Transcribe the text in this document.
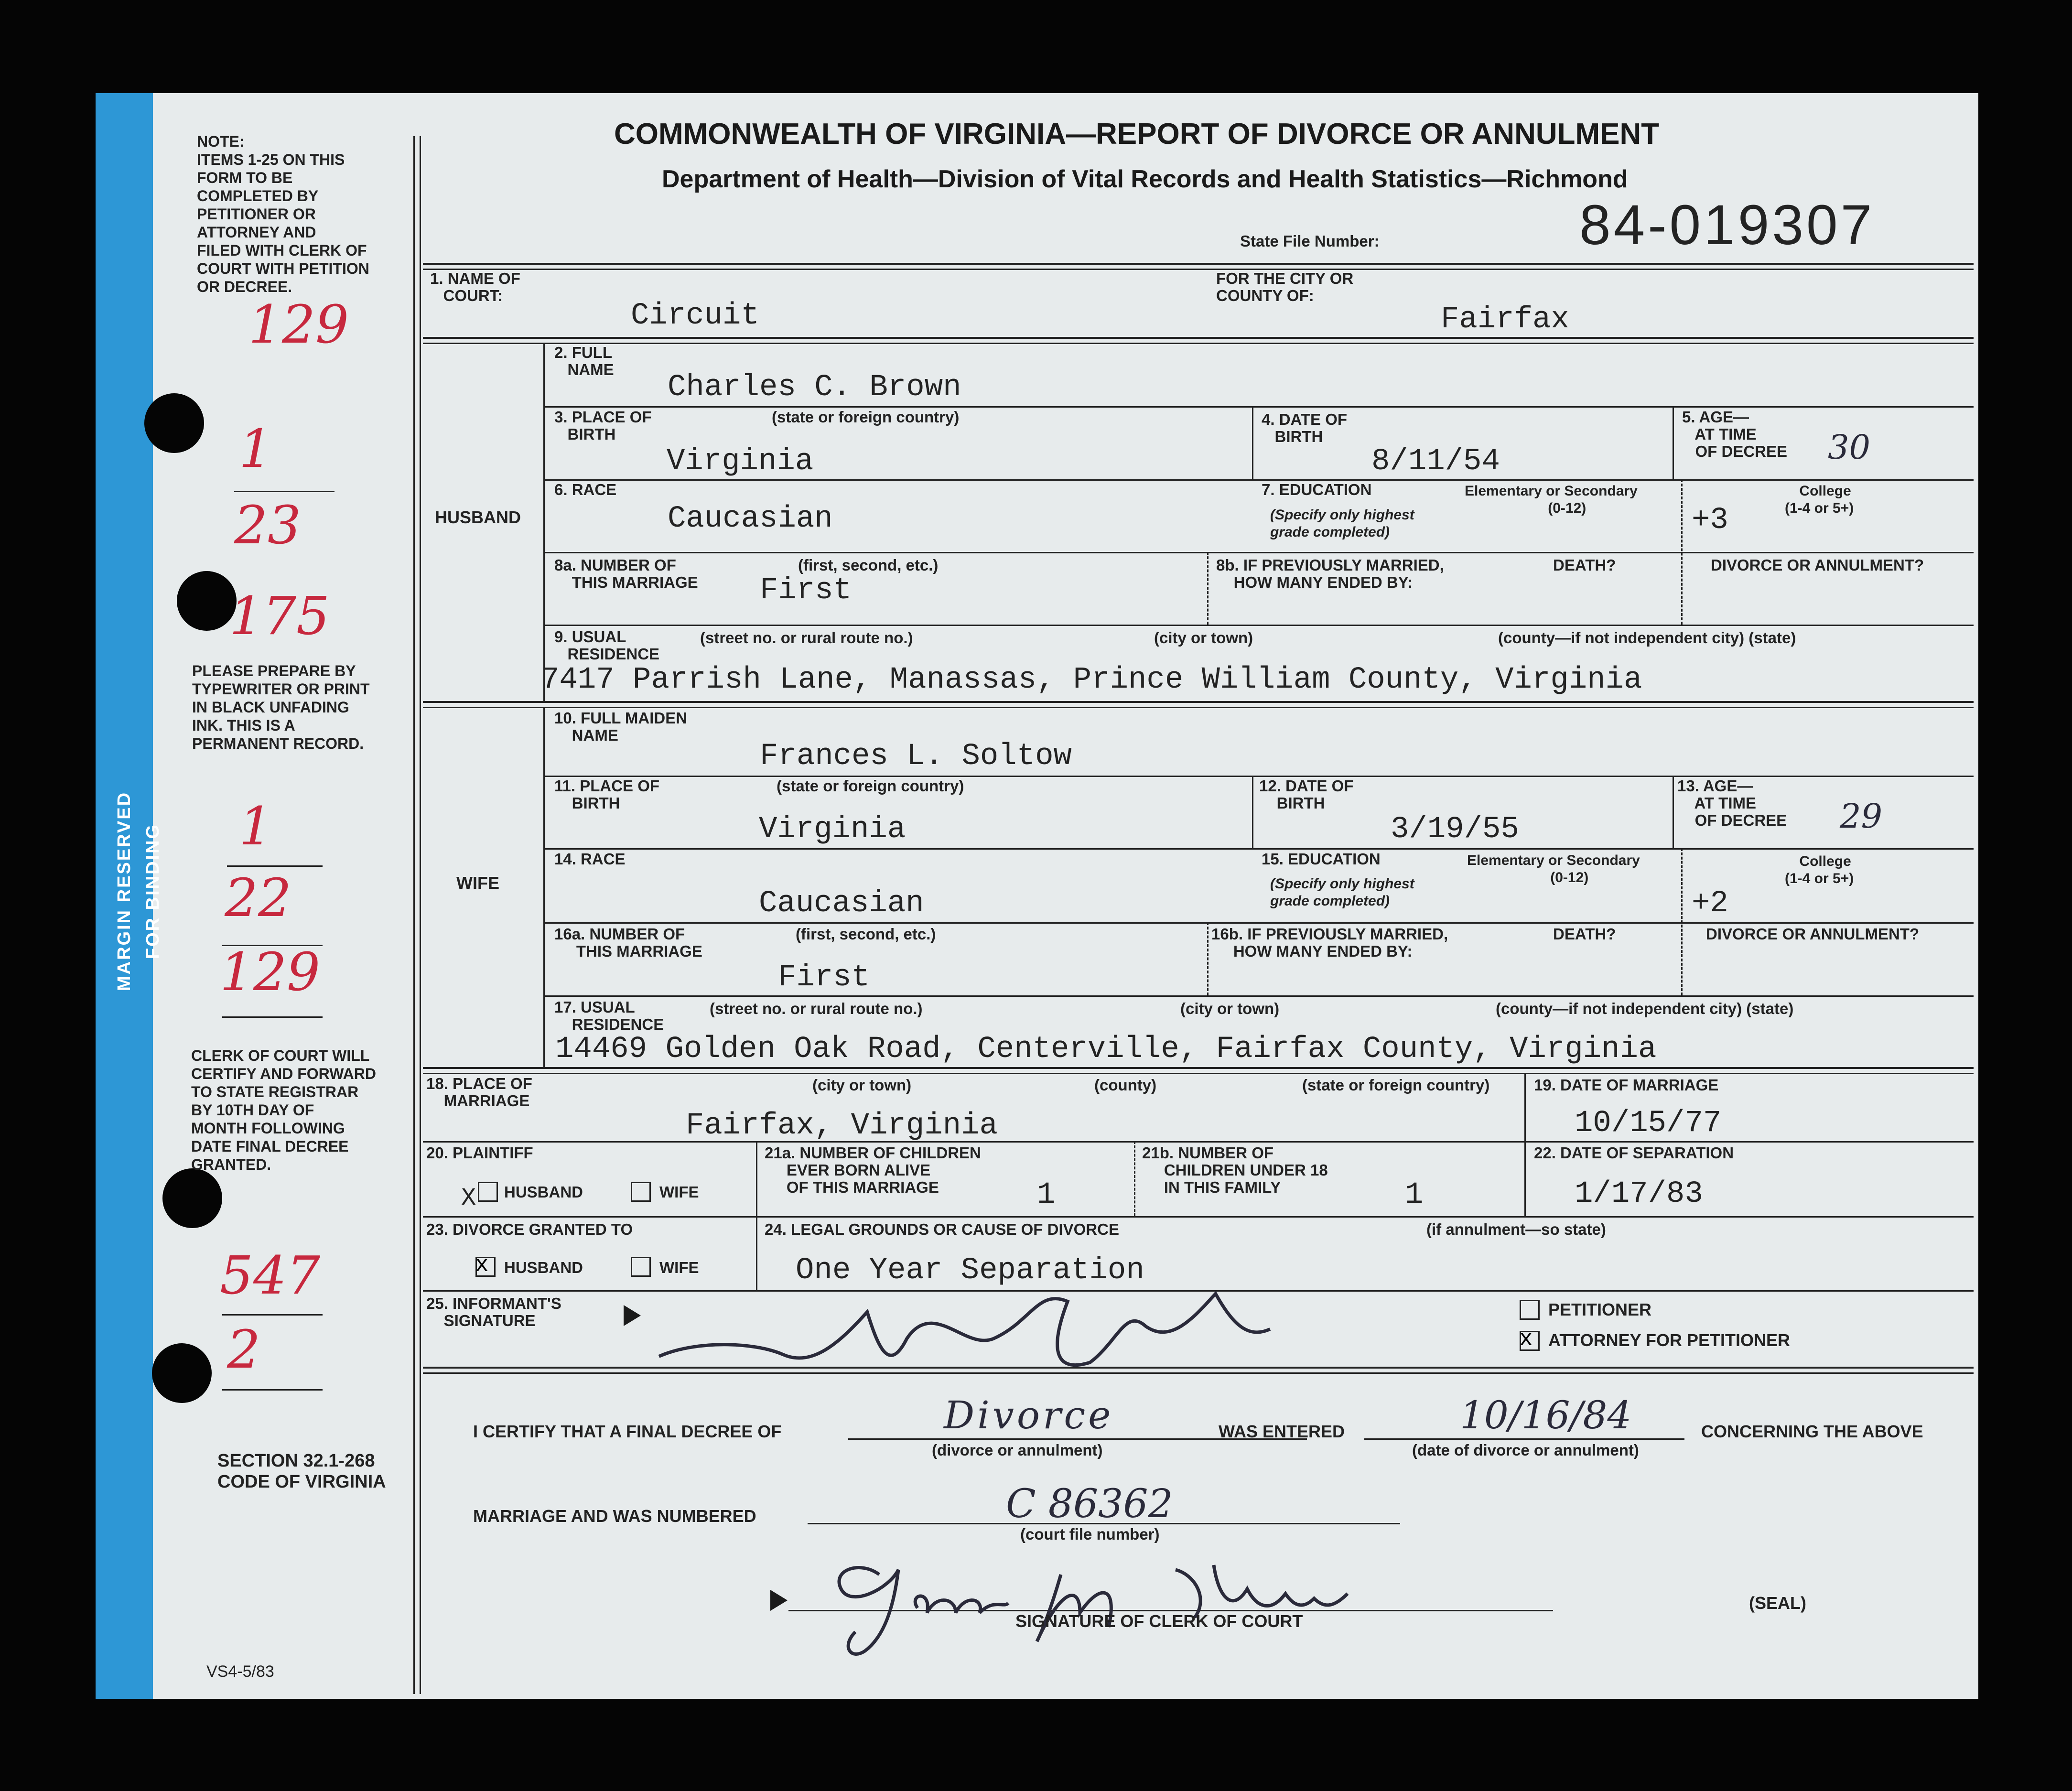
MARGIN RESERVED FOR BINDING
COMMONWEALTH OF VIRGINIA—REPORT OF DIVORCE OR ANNULMENT
Department of Health—Division of Vital Records and Health Statistics—Richmond
State File Number:	84-019307
NOTE:
ITEMS 1-25 ON THIS
FORM TO BE
COMPLETED BY
PETITIONER OR
ATTORNEY AND
FILED WITH CLERK OF
COURT WITH PETITION
OR DECREE.
129
1
23
175
PLEASE PREPARE BY
TYPEWRITER OR PRINT
IN BLACK UNFADING
INK. THIS IS A
PERMANENT RECORD.
1
22
129
CLERK OF COURT WILL
CERTIFY AND FORWARD
TO STATE REGISTRAR
BY 10TH DAY OF
MONTH FOLLOWING
DATE FINAL DECREE
GRANTED.
547
2
SECTION 32.1-268
CODE OF VIRGINIA
VS4-5/83
1. NAME OF
COURT:
FOR THE CITY OR
COUNTY OF:
Circuit	Fairfax
HUSBAND
2. FULL
NAME
Charles C. Brown
3. PLACE OF
BIRTH
(state or foreign country)
Virginia
4. DATE OF
BIRTH
8/11/54
5. AGE—
AT TIME
OF DECREE 30
6. RACE
Caucasian
7. EDUCATION
(Specify only highest
grade completed)
Elementary or Secondary
(0-12)
College
(1-4 or 5+)
+3
8a. NUMBER OF
THIS MARRIAGE
(first, second, etc.)
First
8b. IF PREVIOUSLY MARRIED,
HOW MANY ENDED BY:
DEATH?	DIVORCE OR ANNULMENT?
9. USUAL
RESIDENCE
(street no. or rural route no.)	(city or town)	(county—if not independent city) (state)
7417 Parrish Lane, Manassas, Prince William County, Virginia
WIFE
10. FULL MAIDEN
NAME
Frances L. Soltow
11. PLACE OF
BIRTH
(state or foreign country)
Virginia
12. DATE OF
BIRTH
3/19/55
13. AGE—
AT TIME
OF DECREE 29
14. RACE
Caucasian
15. EDUCATION
(Specify only highest
grade completed)
Elementary or Secondary
(0-12)
College
(1-4 or 5+)
+2
16a. NUMBER OF
THIS MARRIAGE
(first, second, etc.)
First
16b. IF PREVIOUSLY MARRIED,
HOW MANY ENDED BY:
DEATH?	DIVORCE OR ANNULMENT?
17. USUAL
RESIDENCE
(street no. or rural route no.)	(city or town)	(county—if not independent city) (state)
14469 Golden Oak Road, Centerville, Fairfax County, Virginia
18. PLACE OF
MARRIAGE
(city or town)	(county)	(state or foreign country)
Fairfax, Virginia
19. DATE OF MARRIAGE
10/15/77
20. PLAINTIFF
X HUSBAND	WIFE
21a. NUMBER OF CHILDREN
EVER BORN ALIVE
OF THIS MARRIAGE	1
21b. NUMBER OF
CHILDREN UNDER 18
IN THIS FAMILY	1
22. DATE OF SEPARATION
1/17/83
23. DIVORCE GRANTED TO
x HUSBAND	WIFE
24. LEGAL GROUNDS OR CAUSE OF DIVORCE	(if annulment—so state)
One Year Separation
25. INFORMANT'S
SIGNATURE
PETITIONER
x ATTORNEY FOR PETITIONER
I CERTIFY THAT A FINAL DECREE OF	Divorce
(divorce or annulment)
WAS ENTERED	10/16/84
(date of divorce or annulment)
CONCERNING THE ABOVE
MARRIAGE AND WAS NUMBERED	C 86362
(court file number)
SIGNATURE OF CLERK OF COURT
(SEAL)
